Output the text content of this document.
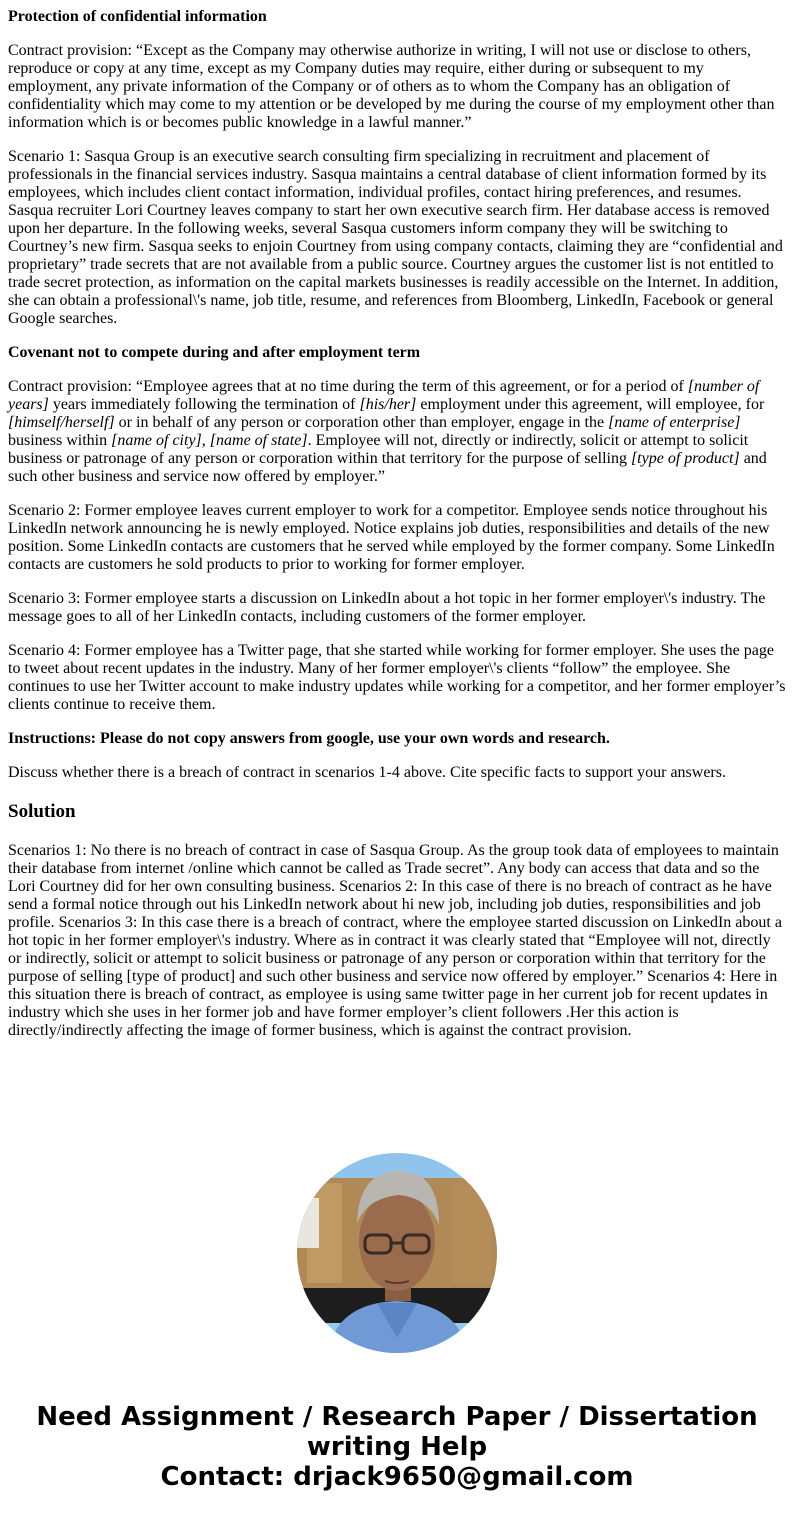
Protection of confidential information

Contract provision: “Except as the Company may otherwise authorize in writing, I will not use or disclose to others, reproduce or copy at any time, except as my Company duties may require, either during or subsequent to my employment, any private information of the Company or of others as to whom the Company has an obligation of confidentiality which may come to my attention or be developed by me during the course of my employment other than information which is or becomes public knowledge in a lawful manner.”

Scenario 1: Sasqua Group is an executive search consulting firm specializing in recruitment and placement of professionals in the financial services industry. Sasqua maintains a central database of client information formed by its employees, which includes client contact information, individual profiles, contact hiring preferences, and resumes. Sasqua recruiter Lori Courtney leaves company to start her own executive search firm. Her database access is removed upon her departure. In the following weeks, several Sasqua customers inform company they will be switching to Courtney’s new firm. Sasqua seeks to enjoin Courtney from using company contacts, claiming they are “confidential and proprietary” trade secrets that are not available from a public source. Courtney argues the customer list is not entitled to trade secret protection, as information on the capital markets businesses is readily accessible on the Internet. In addition, she can obtain a professional\'s name, job title, resume, and references from Bloomberg, LinkedIn, Facebook or general Google searches.

Covenant not to compete during and after employment term

Contract provision: “Employee agrees that at no time during the term of this agreement, or for a period of [number of years] years immediately following the termination of [his/her] employment under this agreement, will employee, for [himself/herself] or in behalf of any person or corporation other than employer, engage in the [name of enterprise] business within [name of city], [name of state]. Employee will not, directly or indirectly, solicit or attempt to solicit business or patronage of any person or corporation within that territory for the purpose of selling [type of product] and such other business and service now offered by employer.”

Scenario 2: Former employee leaves current employer to work for a competitor. Employee sends notice throughout his LinkedIn network announcing he is newly employed. Notice explains job duties, responsibilities and details of the new position. Some LinkedIn contacts are customers that he served while employed by the former company. Some LinkedIn contacts are customers he sold products to prior to working for former employer.

Scenario 3: Former employee starts a discussion on LinkedIn about a hot topic in her former employer\'s industry. The message goes to all of her LinkedIn contacts, including customers of the former employer.

Scenario 4: Former employee has a Twitter page, that she started while working for former employer. She uses the page to tweet about recent updates in the industry. Many of her former employer\'s clients “follow” the employee. She continues to use her Twitter account to make industry updates while working for a competitor, and her former employer’s clients continue to receive them.

Instructions: Please do not copy answers from google, use your own words and research.

Discuss whether there is a breach of contract in scenarios 1-4 above. Cite specific facts to support your answers.

Solution

Scenarios 1: No there is no breach of contract in case of Sasqua Group. As the group took data of employees to maintain their database from internet /online which cannot be called as Trade secret”. Any body can access that data and so the Lori Courtney did for her own consulting business. Scenarios 2: In this case of there is no breach of contract as he have send a formal notice through out his LinkedIn network about hi new job, including job duties, responsibilities and job profile. Scenarios 3: In this case there is a breach of contract, where the employee started discussion on LinkedIn about a hot topic in her former employer\'s industry. Where as in contract it was clearly stated that “Employee will not, directly or indirectly, solicit or attempt to solicit business or patronage of any person or corporation within that territory for the purpose of selling [type of product] and such other business and service now offered by employer.” Scenarios 4: Here in this situation there is breach of contract, as employee is using same twitter page in her current job for recent updates in industry which she uses in her former job and have former employer’s client followers .Her this action is directly/indirectly affecting the image of former business, which is against the contract provision.

Need Assignment / Research Paper / Dissertation
writing Help
Contact: drjack9650@gmail.com
